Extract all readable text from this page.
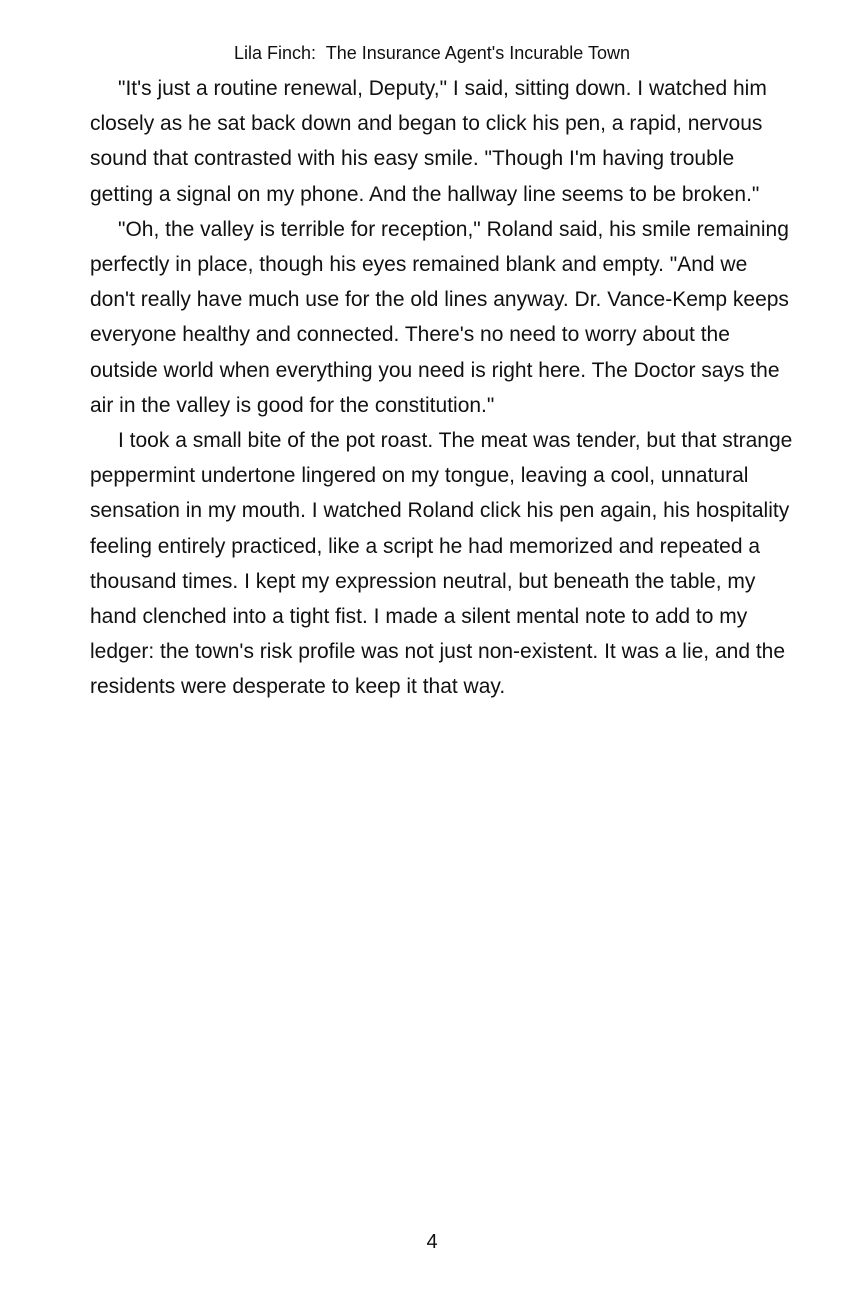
Lila Finch:  The Insurance Agent's Incurable Town

"It's just a routine renewal, Deputy," I said, sitting down. I watched him closely as he sat back down and began to click his pen, a rapid, nervous sound that contrasted with his easy smile. "Though I'm having trouble getting a signal on my phone. And the hallway line seems to be broken."

"Oh, the valley is terrible for reception," Roland said, his smile remaining perfectly in place, though his eyes remained blank and empty. "And we don't really have much use for the old lines anyway. Dr. Vance-Kemp keeps everyone healthy and connected. There's no need to worry about the outside world when everything you need is right here. The Doctor says the air in the valley is good for the constitution."

I took a small bite of the pot roast. The meat was tender, but that strange peppermint undertone lingered on my tongue, leaving a cool, unnatural sensation in my mouth. I watched Roland click his pen again, his hospitality feeling entirely practiced, like a script he had memorized and repeated a thousand times. I kept my expression neutral, but beneath the table, my hand clenched into a tight fist. I made a silent mental note to add to my ledger: the town's risk profile was not just non-existent. It was a lie, and the residents were desperate to keep it that way.

4
